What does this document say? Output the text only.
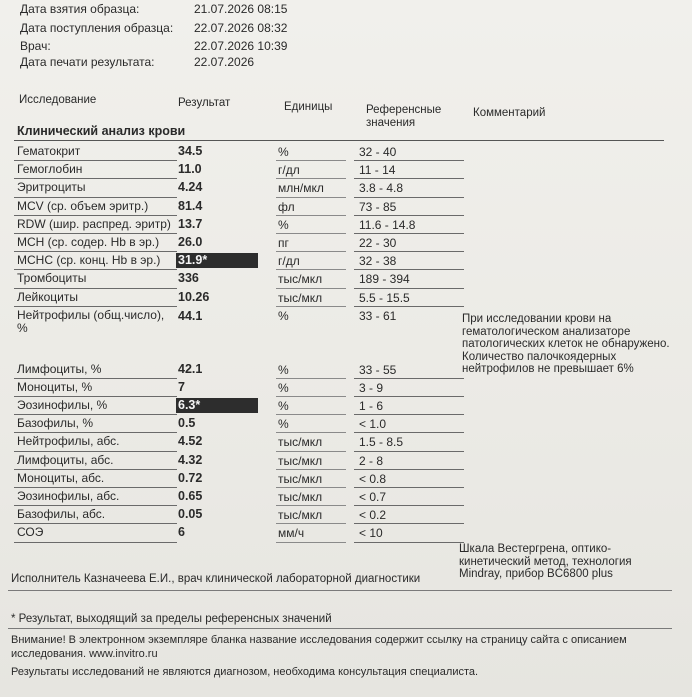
Дата взятия образца:	21.07.2026 08:15
Дата поступления образца: 22.07.2026 08:32
Врач:	22.07.2026 10:39
Дата печати результата:	22.07.2026
Исследование	Результат	Единицы	Референсные
значения
Комментарий
Клинический анализ крови
Гематокрит	34.5	%	32 - 40
Гемоглобин	11.0	г/дл	11 - 14
Эритроциты	4.24	млн/мкл	3.8 - 4.8
MCV (ср. объем эритр.)	81.4	фл	73 - 85
RDW (шир. распред. эритр) 13.7	%	11.6 - 14.8
MCH (ср. содер. Hb в эр.)	26.0	пг	22 - 30
MCHC (ср. конц. Hb в эр.)	31.9*	г/дл	32 - 38
Тромбоциты	336	тыс/мкл	189 - 394
Лейкоциты	10.26	тыс/мкл	5.5 - 15.5
Нейтрофилы (общ.число), %
44.1	%	33 - 61
Лимфоциты, %	42.1	%	33 - 55
Моноциты, %	7	%	3 - 9
Эозинофилы, %	6.3*	%	1 - 6
Базофилы, %	0.5	%	< 1.0
Нейтрофилы, абс.	4.52	тыс/мкл	1.5 - 8.5
Лимфоциты, абс.	4.32	тыс/мкл	2 - 8
Моноциты, абс.	0.72	тыс/мкл	< 0.8
Эозинофилы, абс.	0.65	тыс/мкл	< 0.7
Базофилы, абс.	0.05	тыс/мкл	< 0.2
СОЭ	6	мм/ч	< 10
При исследовании крови на
гематологическом анализаторе
патологических клеток не обнаружено.
Количество палочкоядерных
нейтрофилов не превышает 6%
Шкала Вестергрена, оптико-
кинетический метод, технология
Mindray, прибор BC6800 plus
Исполнитель Казначеева Е.И., врач клинической лабораторной диагностики
* Результат, выходящий за пределы референсных значений
Внимание! В электронном экземпляре бланка название исследования содержит ссылку на страницу сайта с описанием
исследования. www.invitro.ru
Результаты исследований не являются диагнозом, необходима консультация специалиста.
